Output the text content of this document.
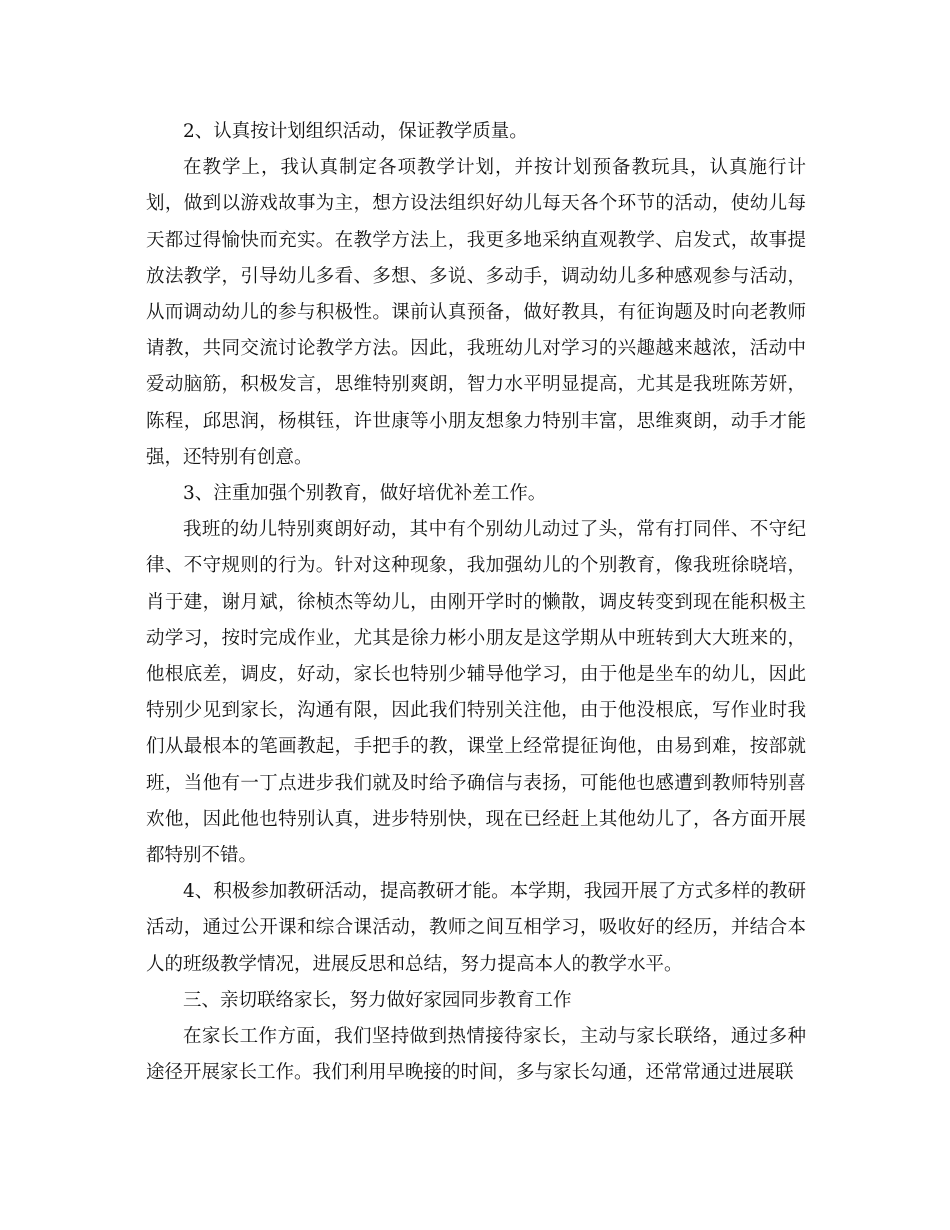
2、认真按计划组织活动，保证教学质量。

在教学上，我认真制定各项教学计划，并按计划预备教玩具，认真施行计划，做到以游戏故事为主，想方设法组织好幼儿每天各个环节的活动，使幼儿每天都过得愉快而充实。在教学方法上，我更多地采纳直观教学、启发式，故事提放法教学，引导幼儿多看、多想、多说、多动手，调动幼儿多种感观参与活动，从而调动幼儿的参与积极性。课前认真预备，做好教具，有征询题及时向老教师请教，共同交流讨论教学方法。因此，我班幼儿对学习的兴趣越来越浓，活动中爱动脑筋，积极发言，思维特别爽朗，智力水平明显提高，尤其是我班陈芳妍，陈程，邱思润，杨棋钰，许世康等小朋友想象力特别丰富，思维爽朗，动手才能强，还特别有创意。

3、注重加强个别教育，做好培优补差工作。

我班的幼儿特别爽朗好动，其中有个别幼儿动过了头，常有打同伴、不守纪律、不守规则的行为。针对这种现象，我加强幼儿的个别教育，像我班徐晓培，肖于建，谢月斌，徐桢杰等幼儿，由刚开学时的懒散，调皮转变到现在能积极主动学习，按时完成作业，尤其是徐力彬小朋友是这学期从中班转到大大班来的，他根底差，调皮，好动，家长也特别少辅导他学习，由于他是坐车的幼儿，因此特别少见到家长，沟通有限，因此我们特别关注他，由于他没根底，写作业时我们从最根本的笔画教起，手把手的教，课堂上经常提征询他，由易到难，按部就班，当他有一丁点进步我们就及时给予确信与表扬，可能他也感遭到教师特别喜欢他，因此他也特别认真，进步特别快，现在已经赶上其他幼儿了，各方面开展都特别不错。

4、积极参加教研活动，提高教研才能。本学期，我园开展了方式多样的教研活动，通过公开课和综合课活动，教师之间互相学习，吸收好的经历，并结合本人的班级教学情况，进展反思和总结，努力提高本人的教学水平。

三、亲切联络家长，努力做好家园同步教育工作

在家长工作方面，我们坚持做到热情接待家长，主动与家长联络，通过多种途径开展家长工作。我们利用早晚接的时间，多与家长勾通，还常常通过进展联
